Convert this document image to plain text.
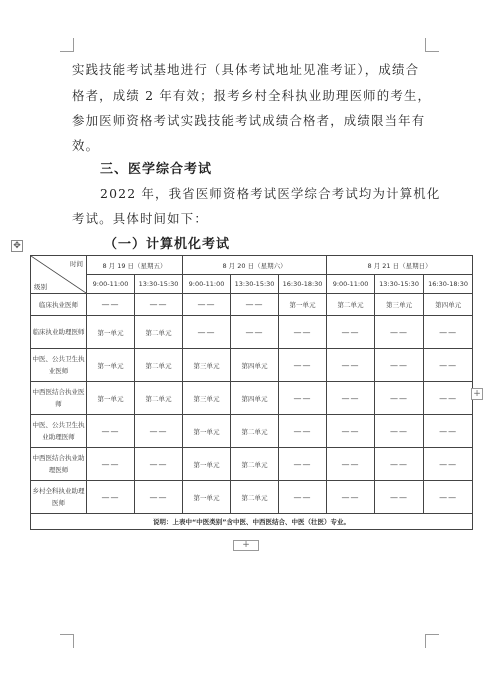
实践技能考试基地进行（具体考试地址见准考证），成绩合
格者，成绩 2 年有效；报考乡村全科执业助理医师的考生，
参加医师资格考试实践技能考试成绩合格者，成绩限当年有
效。
三、医学综合考试
2022 年，我省医师资格考试医学综合考试均为计算机化
考试。具体时间如下：
（一）计算机化考试
✥
时间
级别	8 月 19 日（星期五）		8 月 20 日（星期六）			8 月 21 日（星期日）		
	9:00-11:00	13:30-15:30	9:00-11:00	13:30-15:30	16:30-18:30	9:00-11:00	13:30-15:30	16:30-18:30
临床执业医师	——	——	——	——	第一单元	第二单元	第三单元	第四单元
临床执业助理医师	第一单元	第二单元	——	——	——	——	——	——
中医、公共卫生执业医师	第一单元	第二单元	第三单元	第四单元	——	——	——	——
中西医结合执业医师	第一单元	第二单元	第三单元	第四单元	——	——	——	——
中医、公共卫生执业助理医师	——	——	第一单元	第二单元	——	——	——	——
中西医结合执业助理医师	——	——	第一单元	第二单元	——	——	——	——
乡村全科执业助理医师	——	——	第一单元	第二单元	——	——	——	——
说明：上表中“中医类别”含中医、中西医结合、中医（壮医）专业。								
+
+
